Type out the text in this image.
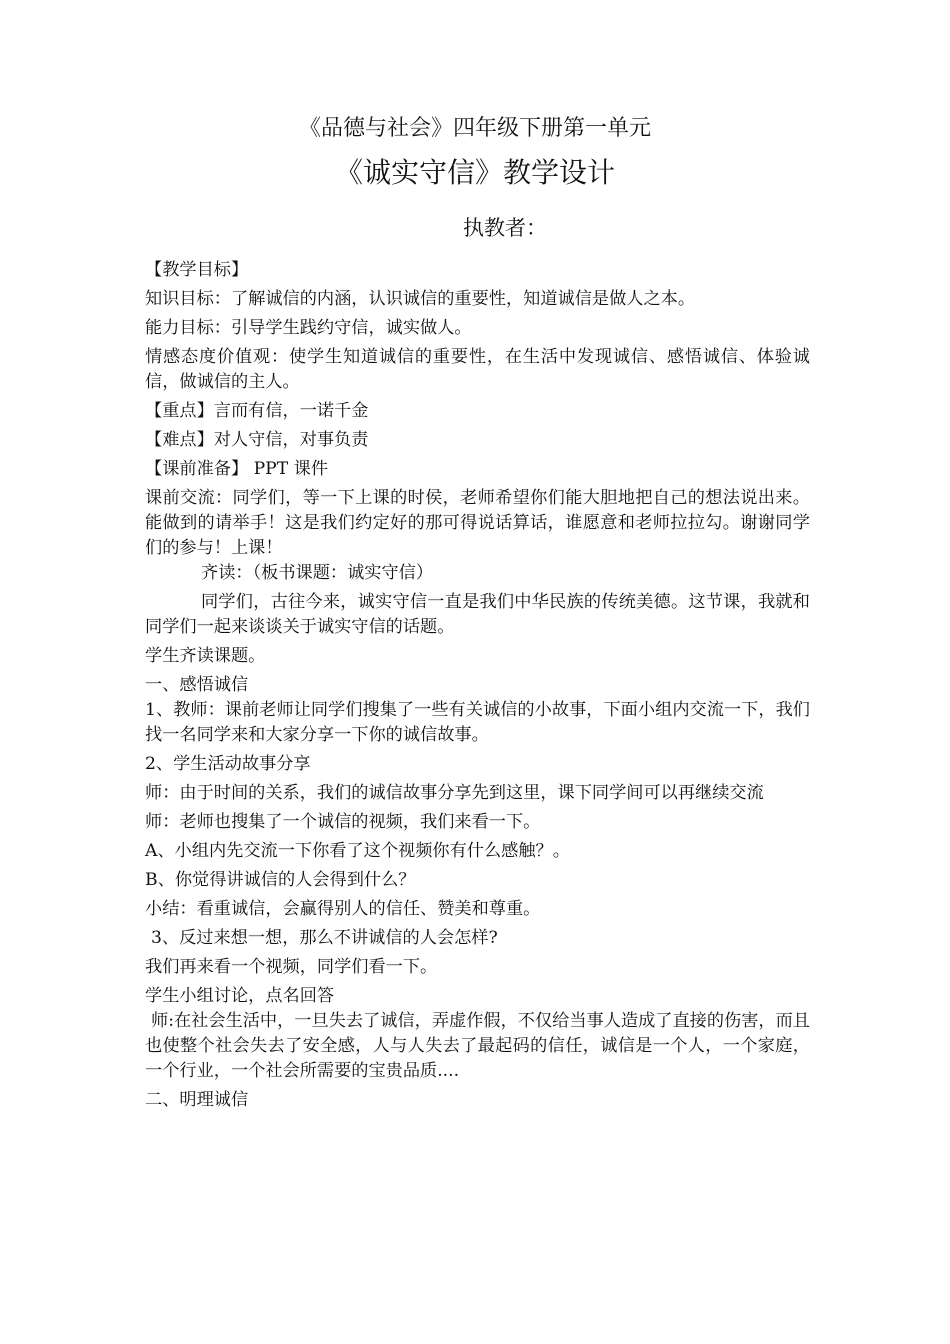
《品德与社会》四年级下册第一单元
《诚实守信》教学设计
执教者：

【教学目标】

知识目标：了解诚信的内涵，认识诚信的重要性，知道诚信是做人之本。

能力目标：引导学生践约守信，诚实做人。

情感态度价值观：使学生知道诚信的重要性，在生活中发现诚信、感悟诚信、体验诚信，做诚信的主人。

【重点】言而有信，一诺千金

【难点】对人守信，对事负责

【课前准备】 PPT 课件

课前交流：同学们，等一下上课的时侯，老师希望你们能大胆地把自己的想法说出来。能做到的请举手！这是我们约定好的那可得说话算话，谁愿意和老师拉拉勾。谢谢同学们的参与！上课！

齐读：（板书课题：诚实守信）

同学们，古往今来，诚实守信一直是我们中华民族的传统美德。这节课，我就和同学们一起来谈谈关于诚实守信的话题。

学生齐读课题。

一、感悟诚信

1、教师：课前老师让同学们搜集了一些有关诚信的小故事，下面小组内交流一下，我们找一名同学来和大家分享一下你的诚信故事。

2、学生活动故事分享

师：由于时间的关系，我们的诚信故事分享先到这里，课下同学间可以再继续交流

师：老师也搜集了一个诚信的视频，我们来看一下。

A、小组内先交流一下你看了这个视频你有什么感触？。

B、你觉得讲诚信的人会得到什么？

小结：看重诚信，会赢得别人的信任、赞美和尊重。

3、反过来想一想，那么不讲诚信的人会怎样?

我们再来看一个视频，同学们看一下。

学生小组讨论，点名回答

师:在社会生活中，一旦失去了诚信，弄虚作假，不仅给当事人造成了直接的伤害，而且也使整个社会失去了安全感，人与人失去了最起码的信任，诚信是一个人，一个家庭，一个行业，一个社会所需要的宝贵品质....

二、明理诚信
